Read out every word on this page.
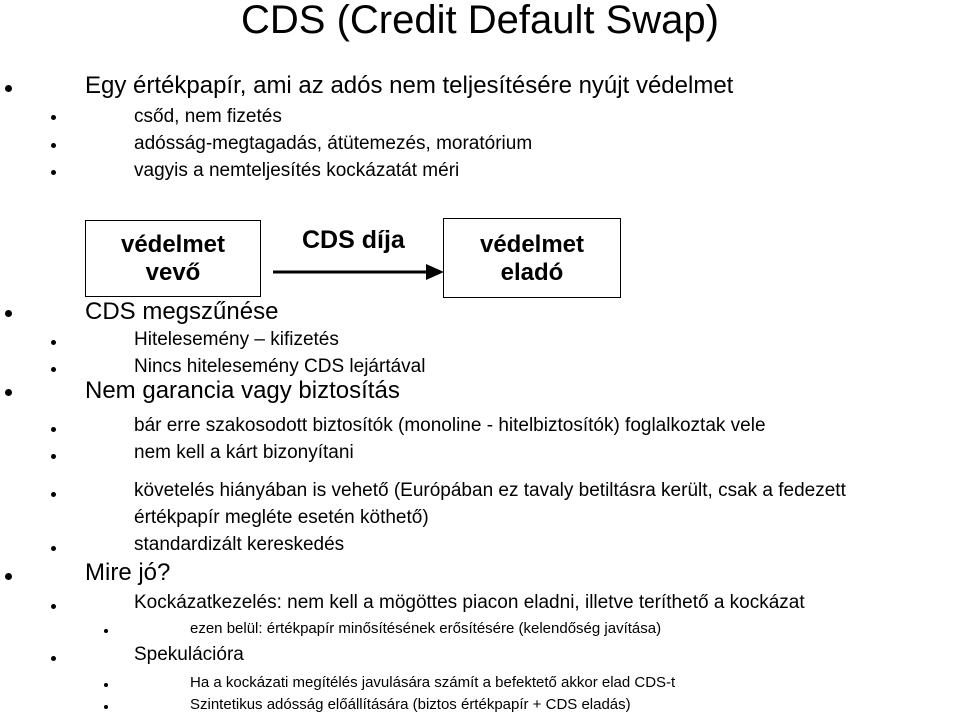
CDS (Credit Default Swap)
Egy értékpapír, ami az adós nem teljesítésére nyújt védelmet
csőd, nem fizetés
adósság-megtagadás, átütemezés, moratórium
vagyis a nemteljesítés kockázatát méri
védelmet
vevő
CDS díja	védelmet
eladó
CDS megszűnése
Hitelesemény – kifizetés
Nincs hitelesemény CDS lejártával
Nem garancia vagy biztosítás
bár erre szakosodott biztosítók (monoline - hitelbiztosítók) foglalkoztak vele
nem kell a kárt bizonyítani
követelés hiányában is vehető (Európában ez tavaly betiltásra került, csak a fedezett
értékpapír megléte esetén köthető)
standardizált kereskedés
Mire jó?
Kockázatkezelés: nem kell a mögöttes piacon eladni, illetve teríthető a kockázat
ezen belül: értékpapír minősítésének erősítésére (kelendőség javítása)
Spekulációra
Ha a kockázati megítélés javulására számít a befektető akkor elad CDS-t
Szintetikus adósság előállítására (biztos értékpapír + CDS eladás)
